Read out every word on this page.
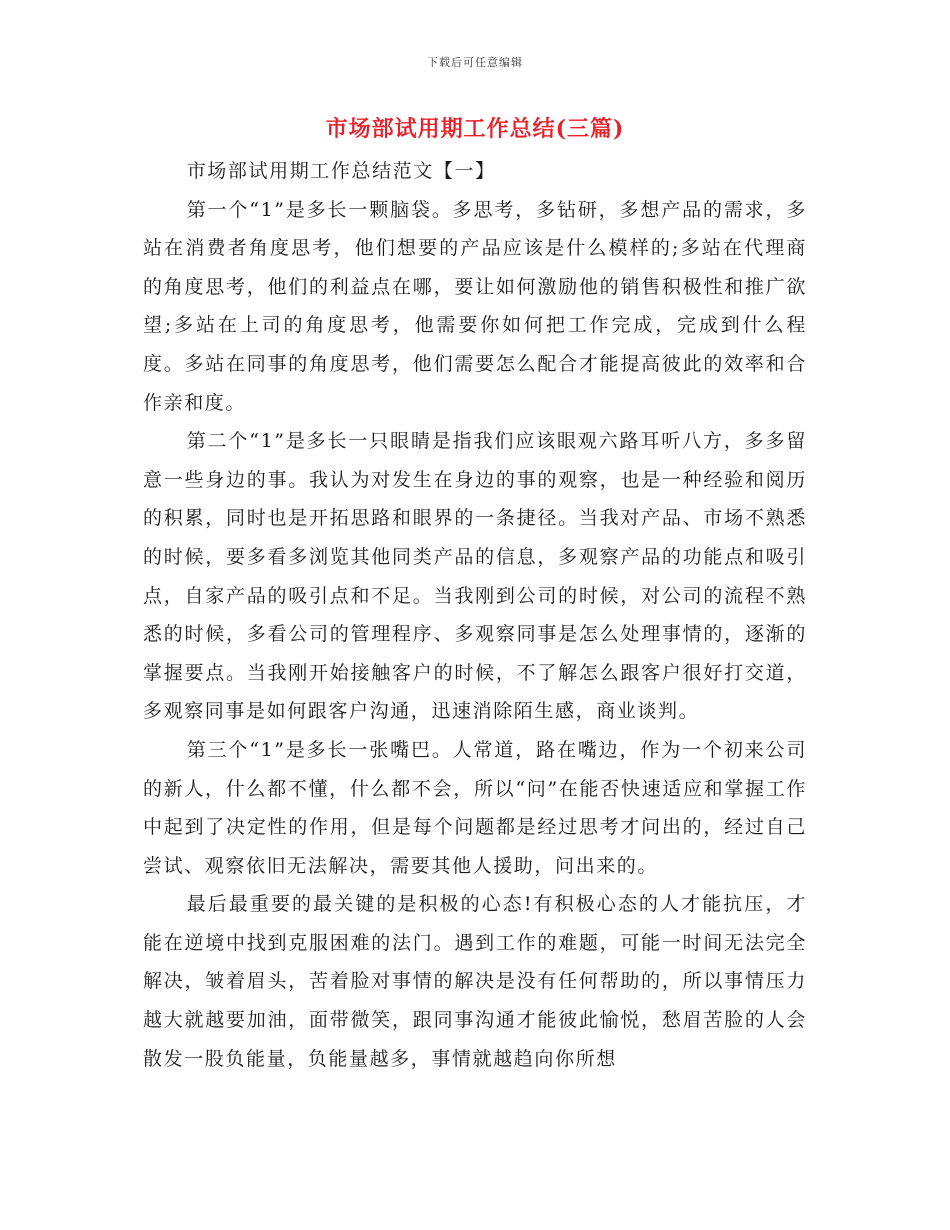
下载后可任意编辑
市场部试用期工作总结(三篇)

市场部试用期工作总结范文【一】

第一个“1”是多长一颗脑袋。多思考，多钻研，多想产品的需求，多站在消费者角度思考，他们想要的产品应该是什么模样的;多站在代理商的角度思考，他们的利益点在哪，要让如何激励他的销售积极性和推广欲望;多站在上司的角度思考，他需要你如何把工作完成，完成到什么程度。多站在同事的角度思考，他们需要怎么配合才能提高彼此的效率和合作亲和度。

第二个“1”是多长一只眼睛是指我们应该眼观六路耳听八方，多多留意一些身边的事。我认为对发生在身边的事的观察，也是一种经验和阅历的积累，同时也是开拓思路和眼界的一条捷径。当我对产品、市场不熟悉的时候，要多看多浏览其他同类产品的信息，多观察产品的功能点和吸引点，自家产品的吸引点和不足。当我刚到公司的时候，对公司的流程不熟悉的时候，多看公司的管理程序、多观察同事是怎么处理事情的，逐渐的掌握要点。当我刚开始接触客户的时候，不了解怎么跟客户很好打交道，多观察同事是如何跟客户沟通，迅速消除陌生感，商业谈判。

第三个“1”是多长一张嘴巴。人常道，路在嘴边，作为一个初来公司的新人，什么都不懂，什么都不会，所以“问”在能否快速适应和掌握工作中起到了决定性的作用，但是每个问题都是经过思考才问出的，经过自己尝试、观察依旧无法解决，需要其他人援助，问出来的。

最后最重要的最关键的是积极的心态!有积极心态的人才能抗压，才能在逆境中找到克服困难的法门。遇到工作的难题，可能一时间无法完全解决，皱着眉头，苦着脸对事情的解决是没有任何帮助的，所以事情压力越大就越要加油，面带微笑，跟同事沟通才能彼此愉悦，愁眉苦脸的人会散发一股负能量，负能量越多，事情就越趋向你所想
